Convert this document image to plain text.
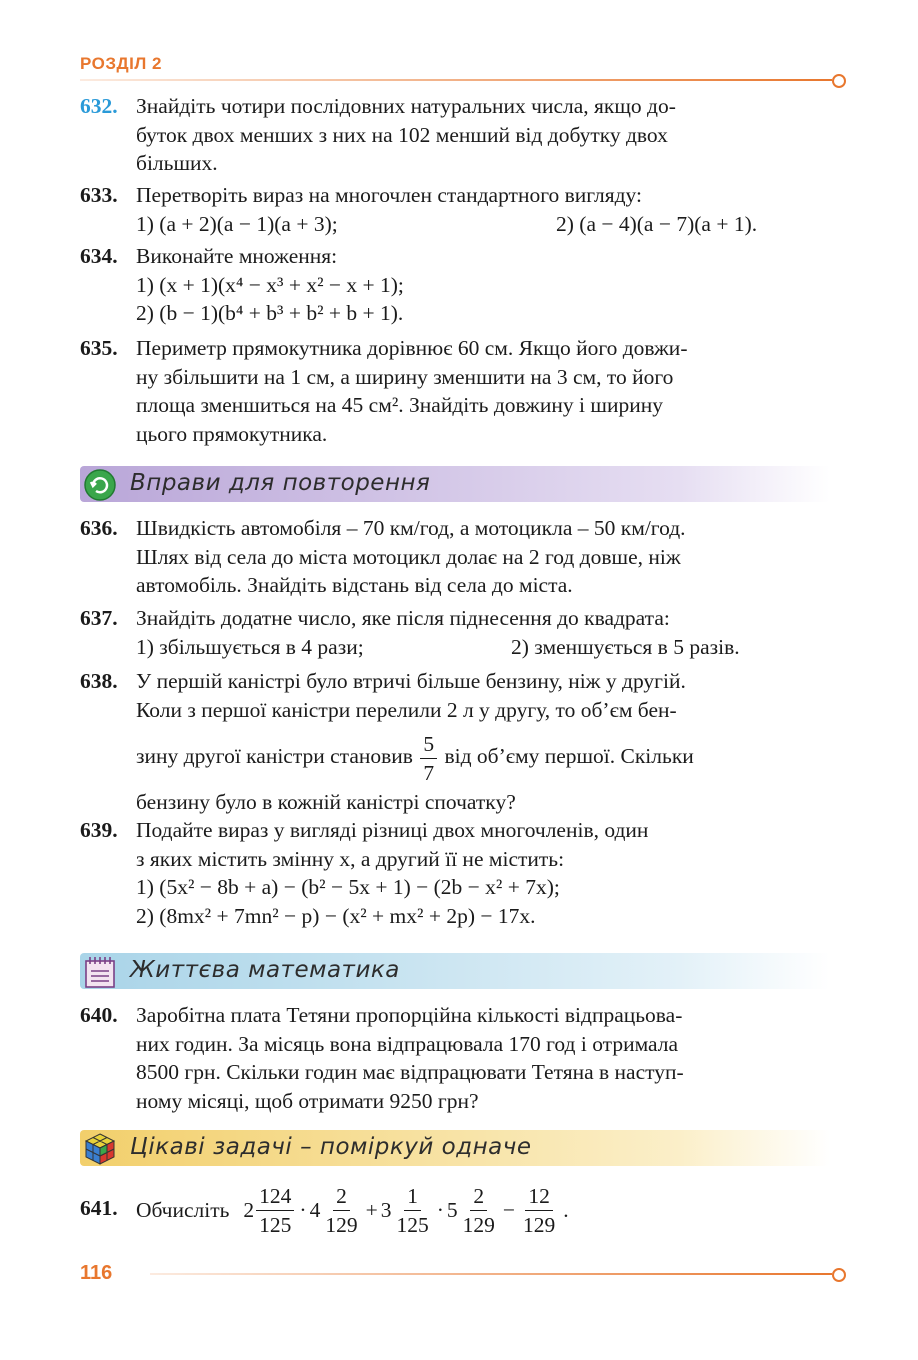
РОЗДІЛ 2
632. Знайдіть чотири послідовних натуральних числа, якщо до-
буток двох менших з них на 102 менший від добутку двох
більших.
633. Перетворіть вираз на многочлен стандартного вигляду:
1) (a + 2)(a − 1)(a + 3);	2) (a − 4)(a − 7)(a + 1).
634. Виконайте множення:
1) (x + 1)(x⁴ − x³ + x² − x + 1);
2) (b − 1)(b⁴ + b³ + b² + b + 1).
635. Периметр прямокутника дорівнює 60 см. Якщо його довжи-
ну збільшити на 1 см, а ширину зменшити на 3 см, то його
площа зменшиться на 45 см². Знайдіть довжину і ширину
цього прямокутника.
Вправи для повторення
636. Швидкість автомобіля – 70 км/год, а мотоцикла – 50 км/год.
Шлях від села до міста мотоцикл долає на 2 год довше, ніж
автомобіль. Знайдіть відстань від села до міста.
637. Знайдіть додатне число, яке після піднесення до квадрата:
1) збільшується в 4 рази;	2) зменшується в 5 разів.
638. У першій каністрі було втричі більше бензину, ніж у другій.
Коли з першої каністри перелили 2 л у другу, то об’єм бен-
зину другої каністри становив $\frac{5}{7}$ від об’єму першої. Скільки
бензину було в кожній каністрі спочатку?
639. Подайте вираз у вигляді різниці двох многочленів, один
з яких містить змінну x, а другий її не містить:
1) (5x² − 8b + a) − (b² − 5x + 1) − (2b − x² + 7x);
2) (8mx² + 7mn² − p) − (x² + mx² + 2p) − 17x.
Життєва математика
640. Заробітна плата Тетяни пропорційна кількості відпрацьова-
них годин. За місяць вона відпрацювала 170 год і отримала
8500 грн. Скільки годин має відпрацювати Тетяна в наступ-
ному місяці, щоб отримати 9250 грн?
Цікаві задачі – поміркуй одначе
641. Обчисліть $2 \frac{124}{125} \cdot 4 \frac{2}{129} + 3 \frac{1}{125} \cdot 5 \frac{2}{129} - \frac{12}{129}$ .
116
